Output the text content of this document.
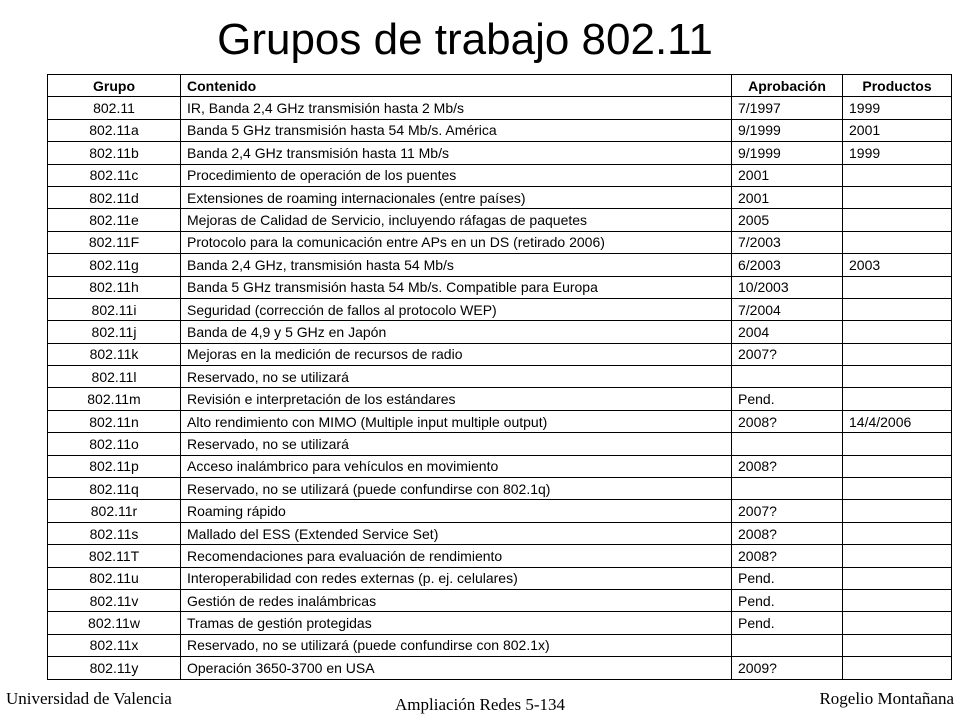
Grupos de trabajo 802.11
Grupo	Contenido	Aprobación	Productos
802.11	IR, Banda 2,4 GHz transmisión hasta 2 Mb/s	7/1997	1999
802.11a	Banda 5 GHz transmisión hasta 54 Mb/s. América	9/1999	2001
802.11b	Banda 2,4 GHz transmisión hasta 11 Mb/s	9/1999	1999
802.11c	Procedimiento de operación de los puentes	2001	
802.11d	Extensiones de roaming internacionales (entre países)	2001	
802.11e	Mejoras de Calidad de Servicio, incluyendo ráfagas de paquetes	2005	
802.11F	Protocolo para la comunicación entre APs en un DS (retirado 2006)	7/2003	
802.11g	Banda 2,4 GHz, transmisión hasta 54 Mb/s	6/2003	2003
802.11h	Banda 5 GHz transmisión hasta 54 Mb/s. Compatible para Europa	10/2003	
802.11i	Seguridad (corrección de fallos al protocolo WEP)	7/2004	
802.11j	Banda de 4,9 y 5 GHz en Japón	2004	
802.11k	Mejoras en la medición de recursos de radio	2007?	
802.11l	Reservado, no se utilizará		
802.11m	Revisión e interpretación de los estándares	Pend.	
802.11n	Alto rendimiento con MIMO (Multiple input multiple output)	2008?	14/4/2006
802.11o	Reservado, no se utilizará		
802.11p	Acceso inalámbrico para vehículos en movimiento	2008?	
802.11q	Reservado, no se utilizará (puede confundirse con 802.1q)		
802.11r	Roaming rápido	2007?	
802.11s	Mallado del ESS (Extended Service Set)	2008?	
802.11T	Recomendaciones para evaluación de rendimiento	2008?	
802.11u	Interoperabilidad con redes externas (p. ej. celulares)	Pend.	
802.11v	Gestión de redes inalámbricas	Pend.	
802.11w	Tramas de gestión protegidas	Pend.	
802.11x	Reservado, no se utilizará (puede confundirse con 802.1x)		
802.11y	Operación 3650-3700 en USA	2009?	
Universidad de Valencia	Ampliación Redes 5-134	Rogelio Montañana
